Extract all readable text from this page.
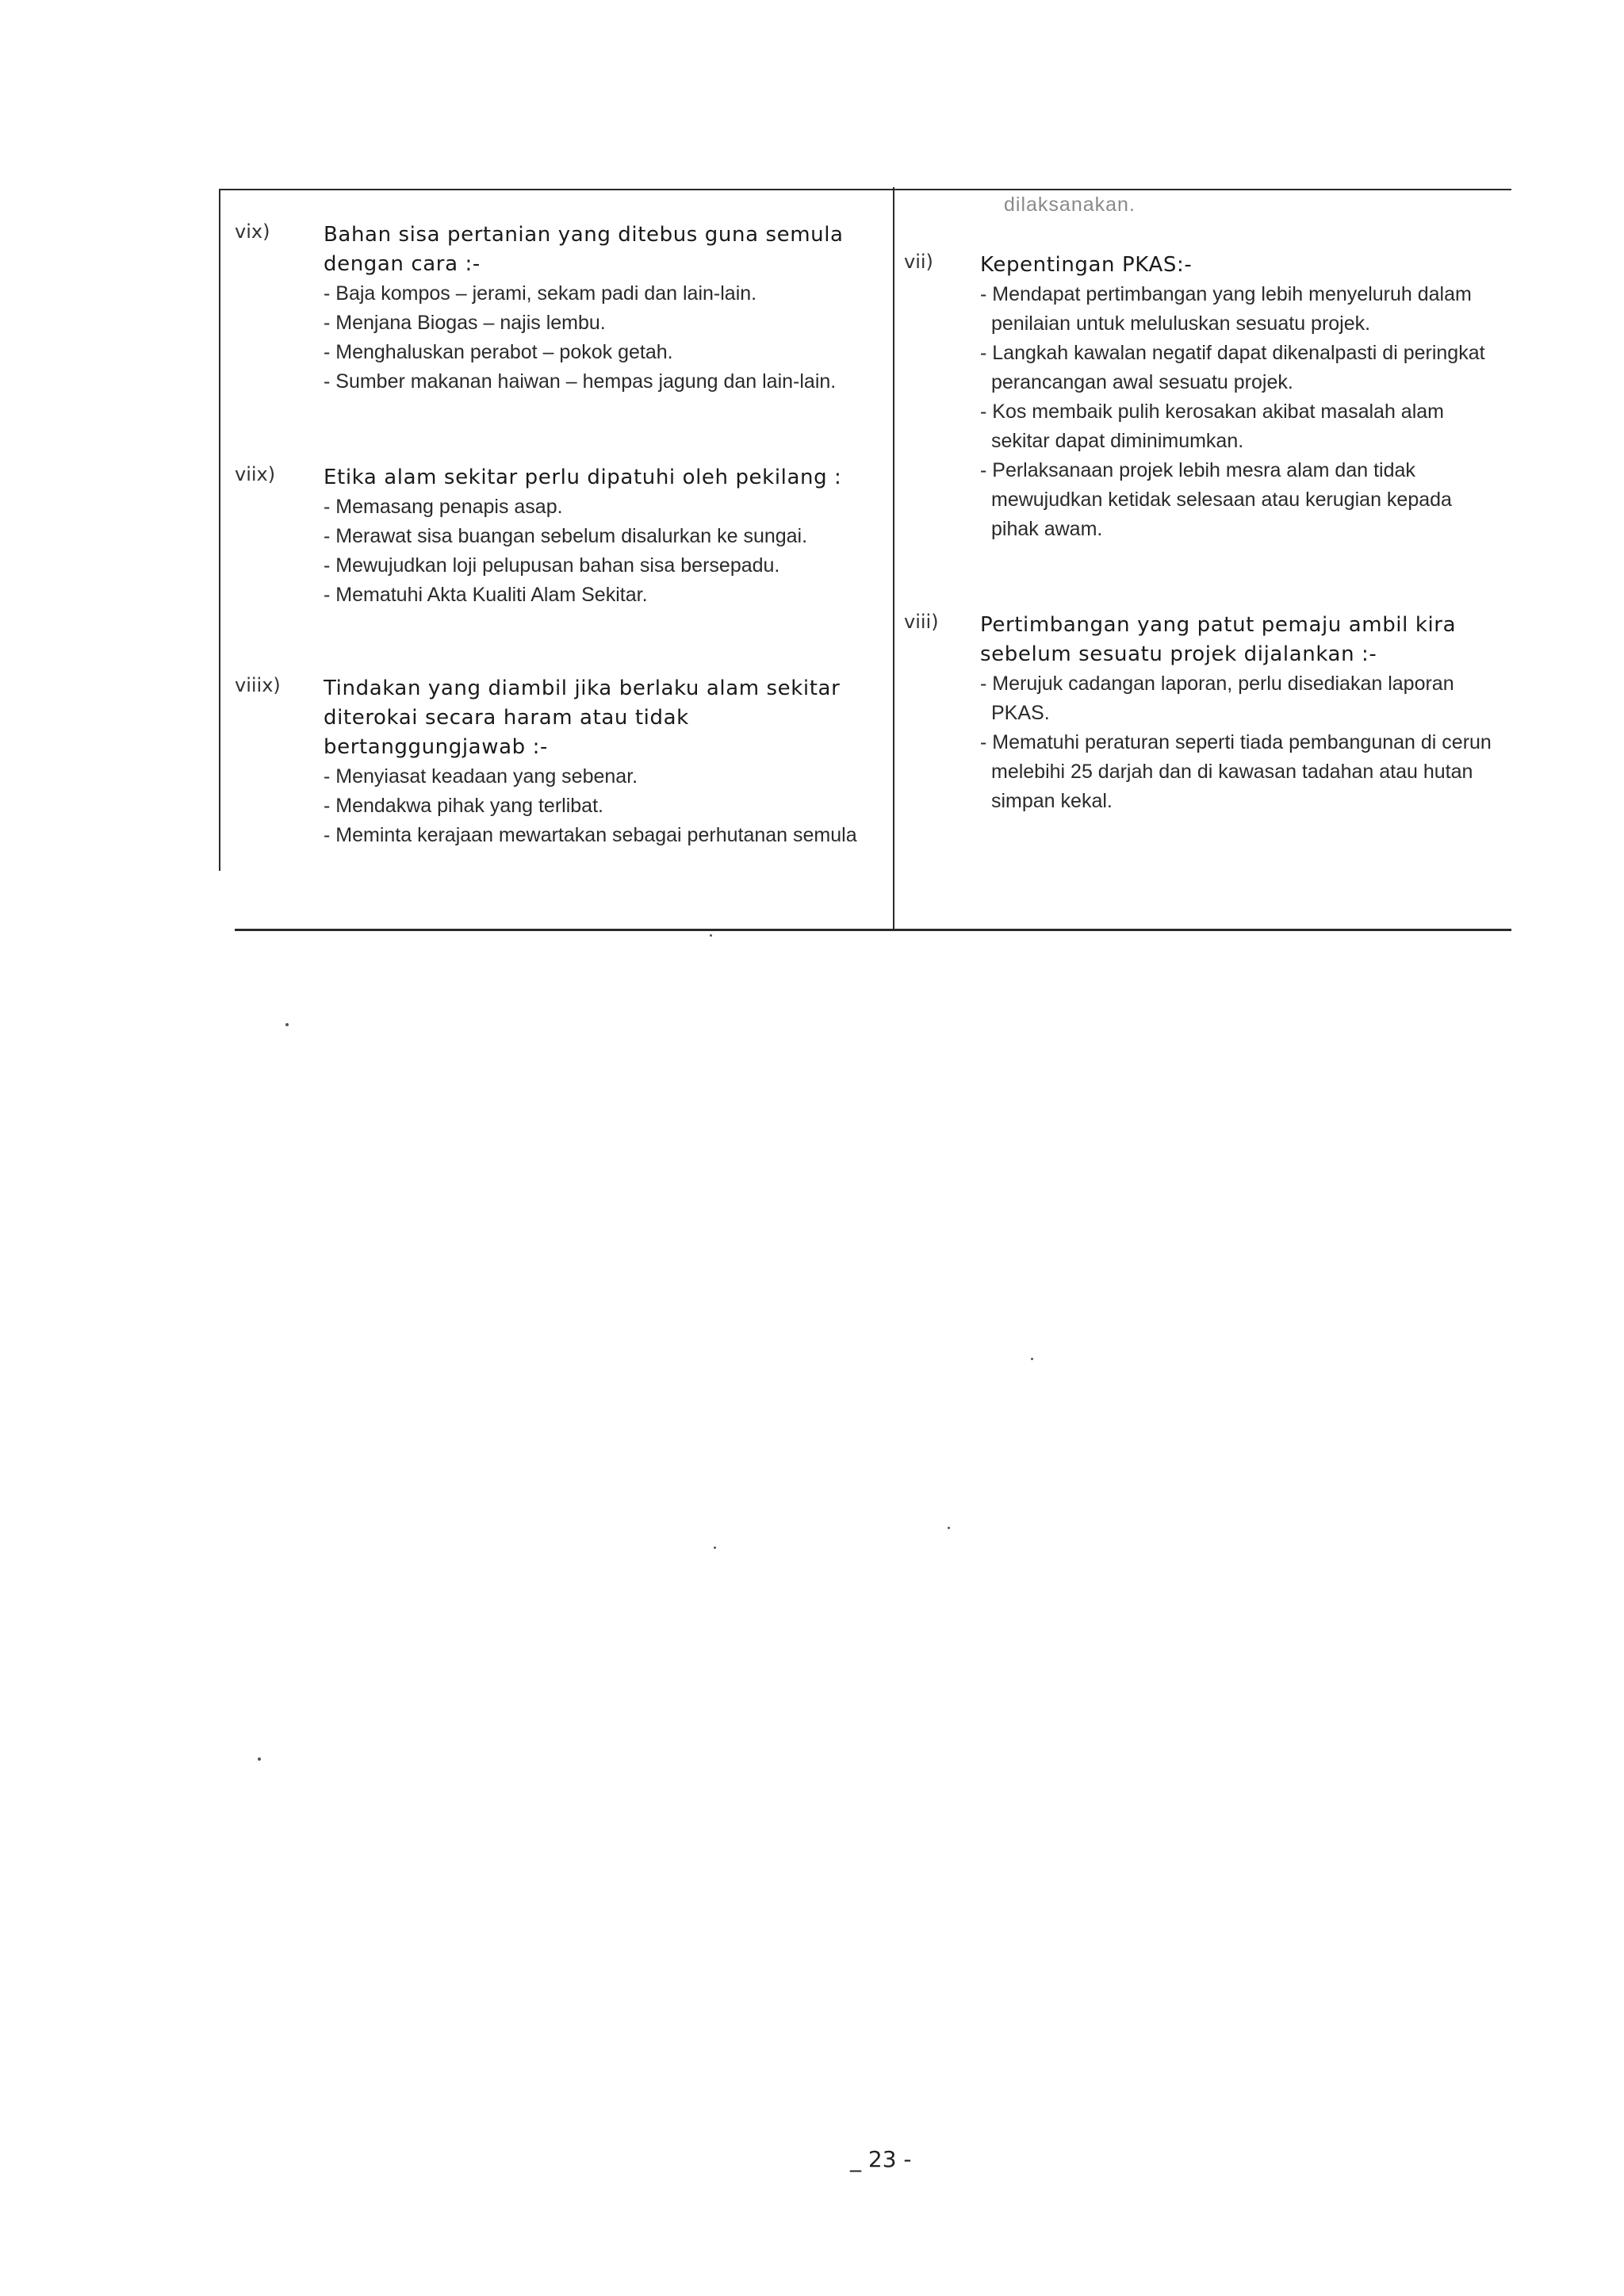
vix)	Bahan sisa pertanian yang ditebus guna semula dengan cara :-
- Baja kompos – jerami, sekam padi dan lain-lain.
- Menjana Biogas – najis lembu.
- Menghaluskan perabot – pokok getah.
- Sumber makanan haiwan – hempas jagung dan lain-lain.
viix)	Etika alam sekitar perlu dipatuhi oleh pekilang :
- Memasang penapis asap.
- Merawat sisa buangan sebelum disalurkan ke sungai.
- Mewujudkan loji pelupusan bahan sisa bersepadu.
- Mematuhi Akta Kualiti Alam Sekitar.
viiix)	Tindakan yang diambil jika berlaku alam sekitar diterokai secara haram atau tidak bertanggungjawab :-
- Menyiasat keadaan yang sebenar.
- Mendakwa pihak yang terlibat.
- Meminta kerajaan mewartakan sebagai perhutanan semula
dilaksanakan.
vii)	Kepentingan PKAS:-
- Mendapat pertimbangan yang lebih menyeluruh dalam penilaian untuk meluluskan sesuatu projek.
- Langkah kawalan negatif dapat dikenalpasti di peringkat perancangan awal sesuatu projek.
- Kos membaik pulih kerosakan akibat masalah alam sekitar dapat diminimumkan.
- Perlaksanaan projek lebih mesra alam dan tidak mewujudkan ketidak selesaan atau kerugian kepada pihak awam.
viii)	Pertimbangan yang patut pemaju ambil kira sebelum sesuatu projek dijalankan :-
- Merujuk cadangan laporan, perlu disediakan laporan PKAS.
- Mematuhi peraturan seperti tiada pembangunan di cerun melebihi 25 darjah dan di kawasan tadahan atau hutan simpan kekal.
_ 23 -
